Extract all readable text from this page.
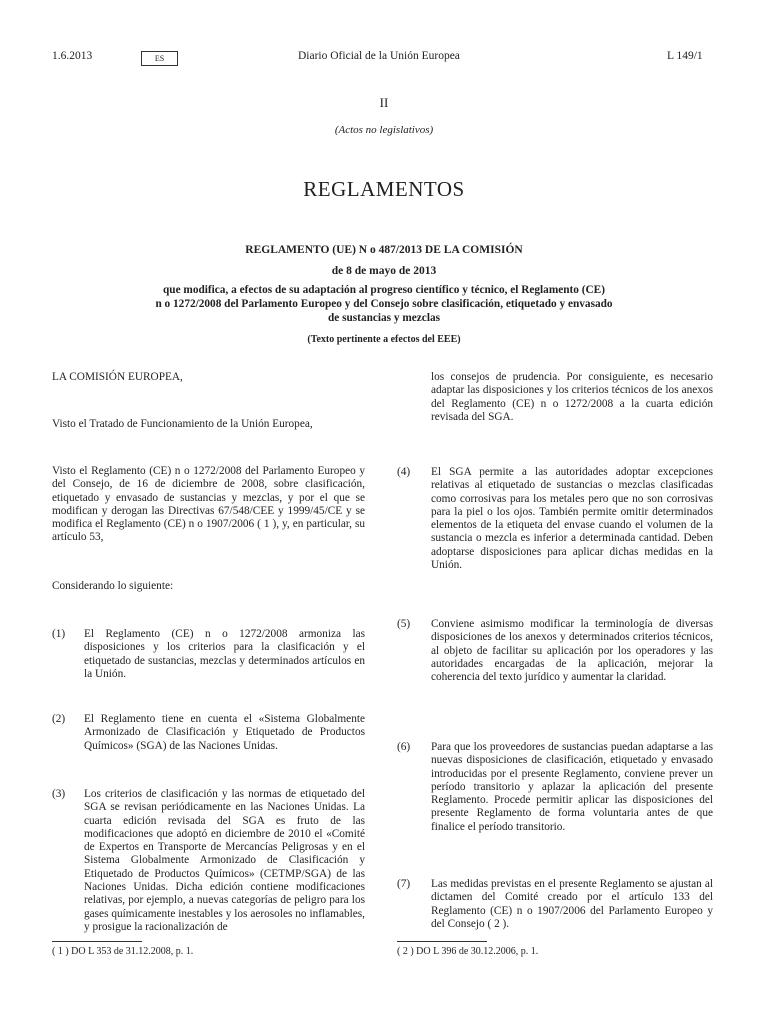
1.6.2013	ES	Diario Oficial de la Unión Europea	L 149/1
II
(Actos no legislativos)
REGLAMENTOS
REGLAMENTO (UE) N o 487/2013 DE LA COMISIÓN
de 8 de mayo de 2013
que modifica, a efectos de su adaptación al progreso científico y técnico, el Reglamento (CE)
n o 1272/2008 del Parlamento Europeo y del Consejo sobre clasificación, etiquetado y envasado
de sustancias y mezclas
(Texto pertinente a efectos del EEE)
LA COMISIÓN EUROPEA,
Visto el Tratado de Funcionamiento de la Unión Europea,
Visto el Reglamento (CE) n o 1272/2008 del Parlamento Europeo y del Consejo, de 16 de diciembre de 2008, sobre clasificación, etiquetado y envasado de sustancias y mezclas, y por el que se modifican y derogan las Directivas 67/548/CEE y 1999/45/CE y se modifica el Reglamento (CE) n o 1907/2006 ( 1 ), y, en particular, su artículo 53,
Considerando lo siguiente:
(1) El Reglamento (CE) n o 1272/2008 armoniza las disposiciones y los criterios para la clasificación y el etiquetado de sustancias, mezclas y determinados artículos en la Unión.
(2) El Reglamento tiene en cuenta el «Sistema Globalmente Armonizado de Clasificación y Etiquetado de Productos Químicos» (SGA) de las Naciones Unidas.
(3) Los criterios de clasificación y las normas de etiquetado del SGA se revisan periódicamente en las Naciones Unidas. La cuarta edición revisada del SGA es fruto de las modificaciones que adoptó en diciembre de 2010 el «Comité de Expertos en Transporte de Mercancías Peligrosas y en el Sistema Globalmente Armonizado de Clasificación y Etiquetado de Productos Químicos» (CETMP/SGA) de las Naciones Unidas. Dicha edición contiene modificaciones relativas, por ejemplo, a nuevas categorías de peligro para los gases químicamente inestables y los aerosoles no inflamables, y prosigue la racionalización de
( 1 ) DO L 353 de 31.12.2008, p. 1.
los consejos de prudencia. Por consiguiente, es necesario adaptar las disposiciones y los criterios técnicos de los anexos del Reglamento (CE) n o 1272/2008 a la cuarta edición revisada del SGA.
(4) El SGA permite a las autoridades adoptar excepciones relativas al etiquetado de sustancias o mezclas clasificadas como corrosivas para los metales pero que no son corrosivas para la piel o los ojos. También permite omitir determinados elementos de la etiqueta del envase cuando el volumen de la sustancia o mezcla es inferior a determinada cantidad. Deben adoptarse disposiciones para aplicar dichas medidas en la Unión.
(5) Conviene asimismo modificar la terminología de diversas disposiciones de los anexos y determinados criterios técnicos, al objeto de facilitar su aplicación por los operadores y las autoridades encargadas de la aplicación, mejorar la coherencia del texto jurídico y aumentar la claridad.
(6) Para que los proveedores de sustancias puedan adaptarse a las nuevas disposiciones de clasificación, etiquetado y envasado introducidas por el presente Reglamento, conviene prever un período transitorio y aplazar la aplicación del presente Reglamento. Procede permitir aplicar las disposiciones del presente Reglamento de forma voluntaria antes de que finalice el período transitorio.
(7) Las medidas previstas en el presente Reglamento se ajustan al dictamen del Comité creado por el artículo 133 del Reglamento (CE) n o 1907/2006 del Parlamento Europeo y del Consejo ( 2 ).
( 2 ) DO L 396 de 30.12.2006, p. 1.
